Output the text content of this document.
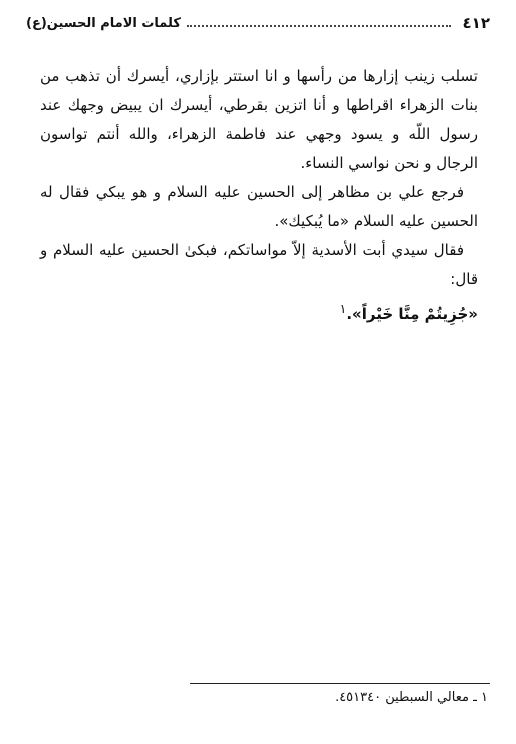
٤١٢
كلمات الامام الحسين(ع)

تسلب زينب إزارها من رأسها و انا استتر بإزاري، أيسرك أن تذهب من بنات الزهراء اقراطها و أنا اتزين بقرطي، أيسرك ان يبيض وجهك عند رسول اللّه و يسود وجهي عند فاطمة الزهراء، والله أنتم تواسون الرجال و نحن نواسي النساء.

فرجع علي بن مظاهر إلى الحسين عليه السلام و هو يبكي فقال له الحسين عليه السلام «ما يُبكيك».

فقال سيدي أبت الأسدية إلاّ مواساتكم، فبكىٰ الحسين عليه السلام و قال:

«جُزِيتُمْ مِنَّا خَيْراً».$^١$

١ ـ معالي السبطين ٤٥١٣٤٠.
